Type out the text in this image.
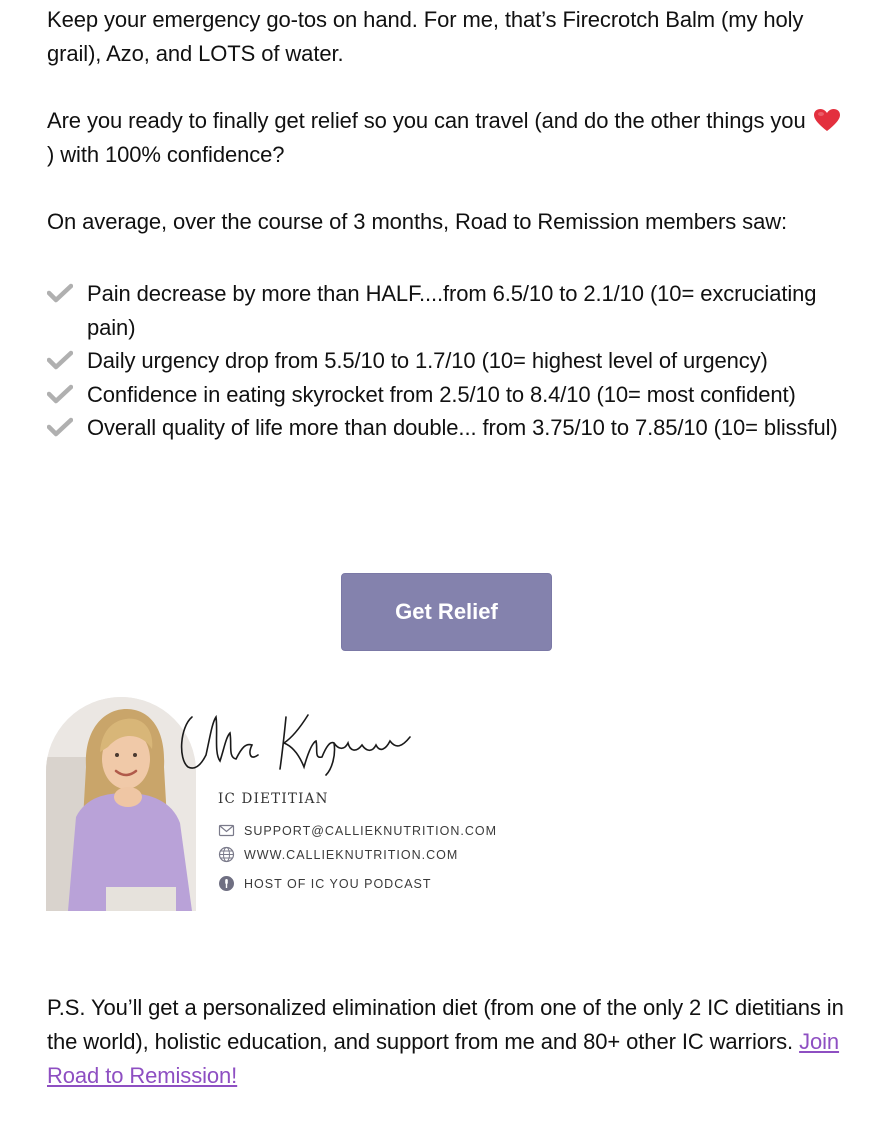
Keep your emergency go-tos on hand. For me, that’s Firecrotch Balm (my holy grail), Azo, and LOTS of water.

Are you ready to finally get relief so you can travel (and do the other things you ) with 100% confidence?

On average, over the course of 3 months, Road to Remission members saw:

Pain decrease by more than HALF....from 6.5/10 to 2.1/10 (10= excruciating pain)
Daily urgency drop from 5.5/10 to 1.7/10 (10= highest level of urgency)
Confidence in eating skyrocket from 2.5/10 to 8.4/10 (10= most confident)
Overall quality of life more than double... from 3.75/10 to 7.85/10 (10= blissful)
Get Relief
IC DIETITIAN
SUPPORT@CALLIEKNUTRITION.COM
WWW.CALLIEKNUTRITION.COM
HOST OF IC YOU PODCAST

P.S. You’ll get a personalized elimination diet (from one of the only 2 IC dietitians in the world), holistic education, and support from me and 80+ other IC warriors. Join Road to Remission!
